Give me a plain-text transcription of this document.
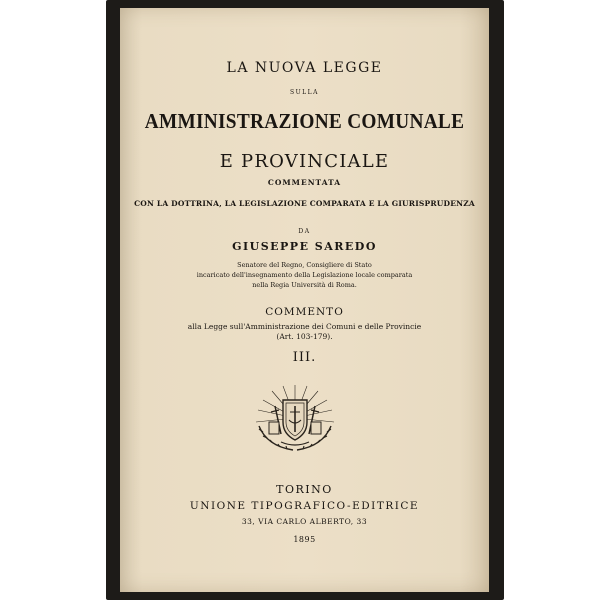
LA NUOVA LEGGE
SULLA
AMMINISTRAZIONE COMUNALE
E PROVINCIALE
COMMENTATA
CON LA DOTTRINA, LA LEGISLAZIONE COMPARATA E LA GIURISPRUDENZA
DA
GIUSEPPE SAREDO
Senatore del Regno, Consigliere di Stato
incaricato dell'insegnamento della Legislazione locale comparata
nella Regia Università di Roma.
COMMENTO
alla Legge sull'Amministrazione dei Comuni e delle Provincie
(Art. 103-179).
III.
TORINO
UNIONE TIPOGRAFICO-EDITRICE
33, VIA CARLO ALBERTO, 33
1895
